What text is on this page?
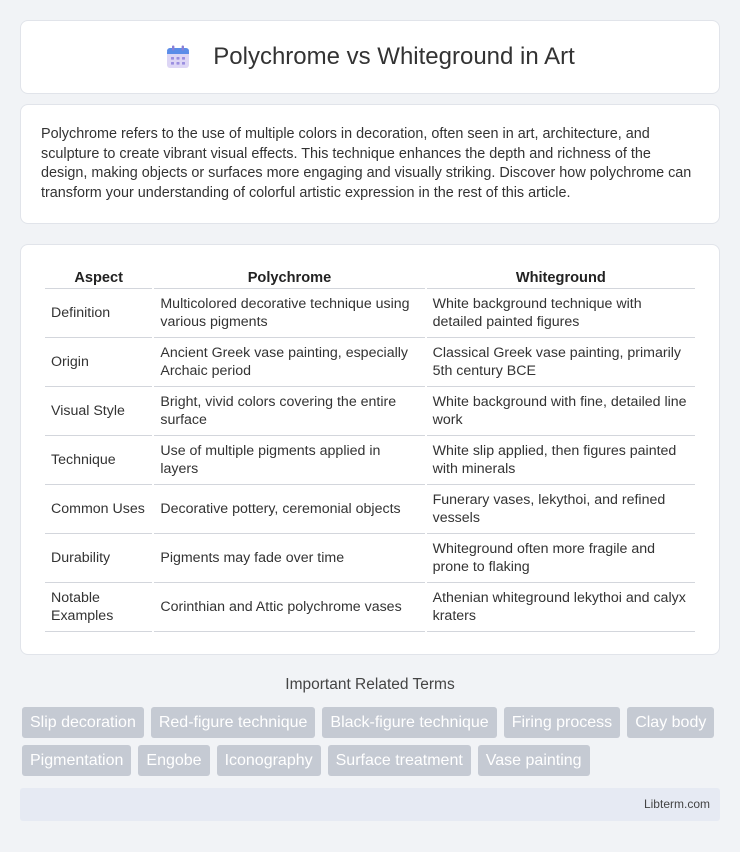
Polychrome vs Whiteground in Art

Polychrome refers to the use of multiple colors in decoration, often seen in art, architecture, and sculpture to create vibrant visual effects. This technique enhances the depth and richness of the design, making objects or surfaces more engaging and visually striking. Discover how polychrome can transform your understanding of colorful artistic expression in the rest of this article.

Aspect	Polychrome	Whiteground
Definition	Multicolored decorative technique using various pigments	White background technique with detailed painted figures
Origin	Ancient Greek vase painting, especially Archaic period	Classical Greek vase painting, primarily 5th century BCE
Visual Style	Bright, vivid colors covering the entire surface	White background with fine, detailed line work
Technique	Use of multiple pigments applied in layers	White slip applied, then figures painted with minerals
Common Uses	Decorative pottery, ceremonial objects	Funerary vases, lekythoi, and refined vessels
Durability	Pigments may fade over time	Whiteground often more fragile and prone to flaking
Notable Examples	Corinthian and Attic polychrome vases	Athenian whiteground lekythoi and calyx kraters
Important Related Terms
Slip decoration	Red-figure technique	Black-figure technique	Firing process	Clay body
Pigmentation	Engobe	Iconography	Surface treatment	Vase painting
Libterm.com
